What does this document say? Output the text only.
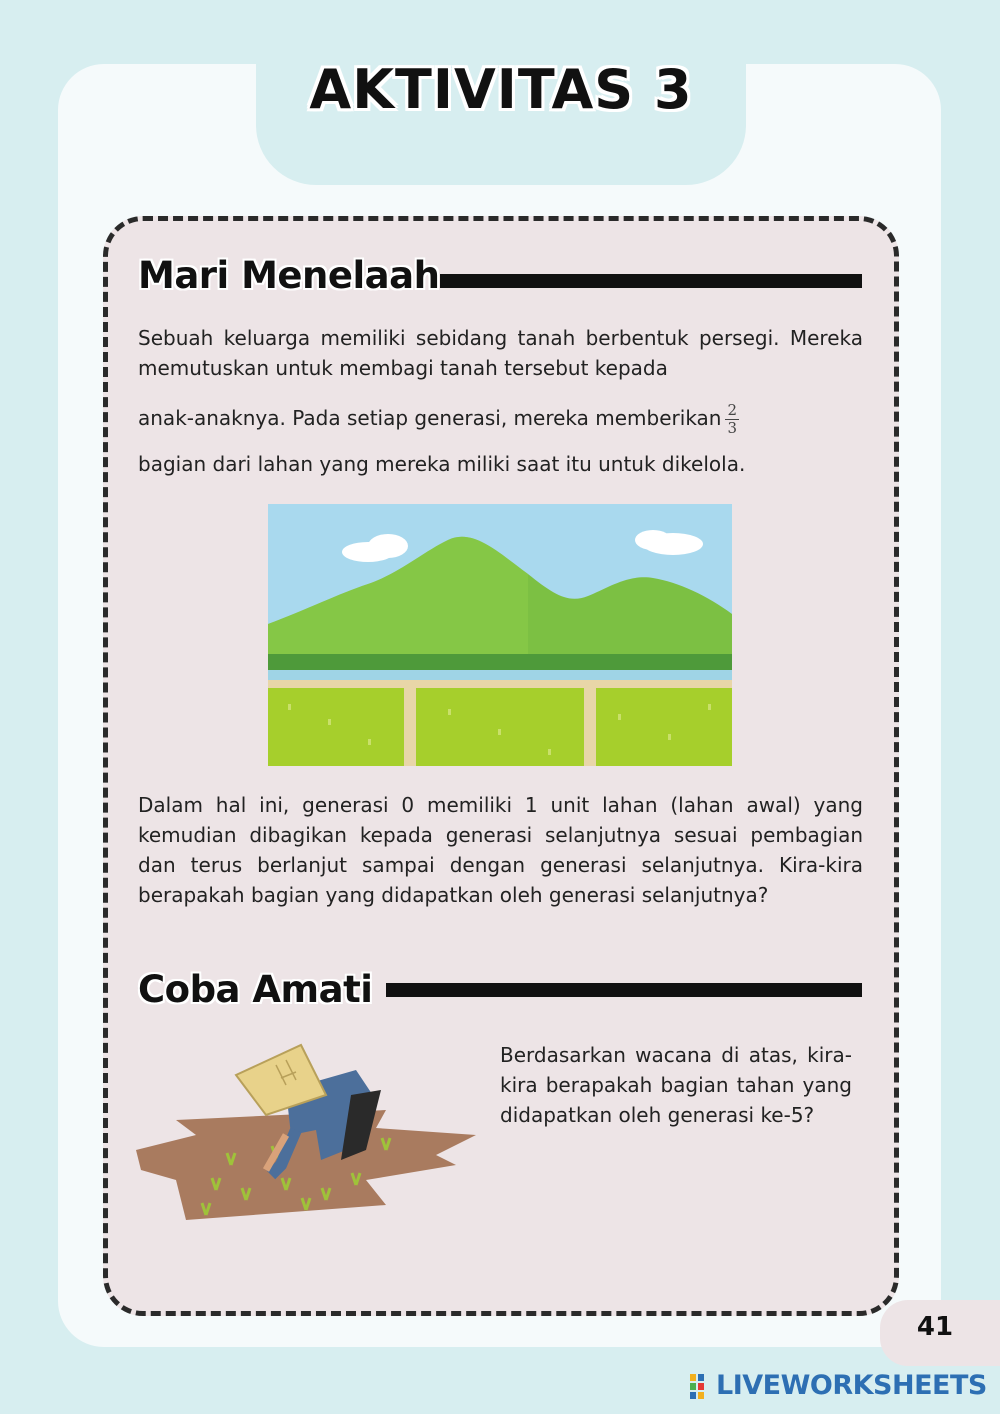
AKTIVITAS 3
Mari Menelaah
Sebuah keluarga memiliki sebidang tanah berbentuk persegi. Mereka memutuskan untuk membagi tanah tersebut kepada
anak-anaknya. Pada setiap generasi, mereka memberikan $\frac{2}{3}$
bagian dari lahan yang mereka miliki saat itu untuk dikelola.
Dalam hal ini, generasi 0 memiliki 1 unit lahan (lahan awal) yang kemudian dibagikan kepada generasi selanjutnya sesuai pembagian dan terus berlanjut sampai dengan generasi selanjutnya. Kira-kira berapakah bagian yang didapatkan oleh generasi selanjutnya?
Coba Amati
Berdasarkan wacana di atas, kira-kira berapakah bagian tahan yang didapatkan oleh generasi ke-5?
41
LIVEWORKSHEETS
